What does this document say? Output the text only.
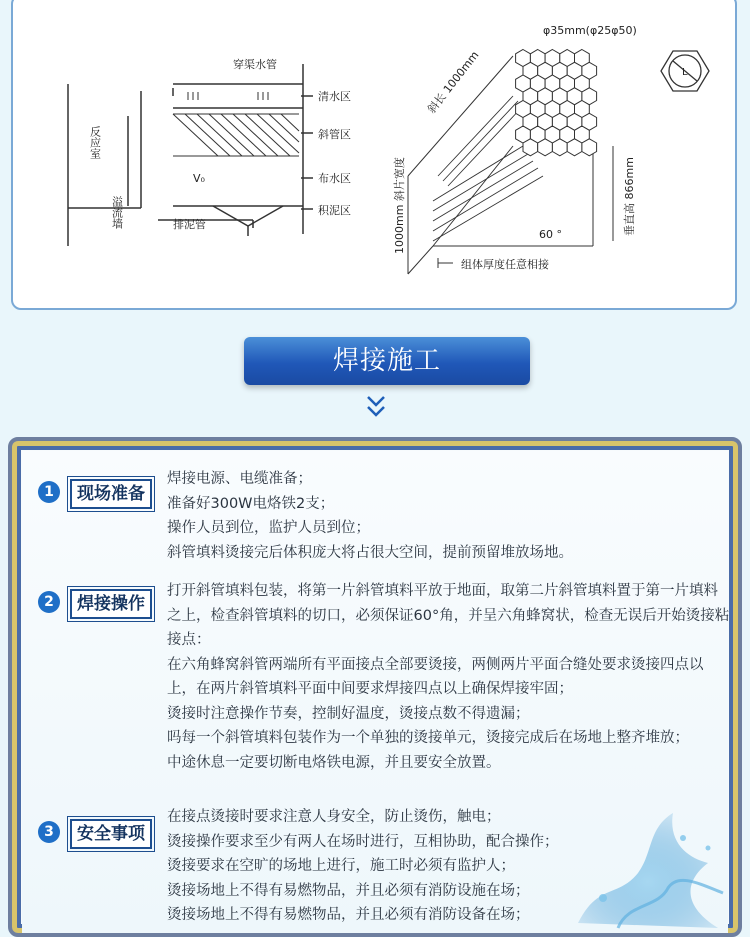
穿渠水管
清水区
斜管区
布水区
积泥区
V₀
排泥管
溢流墙
反应室
φ35mm(φ25φ50)
L
60 °
组体厚度任意相接
斜长 1000mm
1000mm 斜片宽度	垂直高 866mm
焊接施工
1	现场准备
焊接电源、电缆准备；
准备好300W电烙铁2支；
操作人员到位，监护人员到位；
斜管填料烫接完后体积庞大将占很大空间，提前预留堆放场地。
2	焊接操作
打开斜管填料包装，将第一片斜管填料平放于地面，取第二片斜管填料置于第一片填料之上，检查斜管填料的切口，必须保证60°角，并呈六角蜂窝状，检查无误后开始烫接粘接点：
在六角蜂窝斜管两端所有平面接点全部要烫接，两侧两片平面合缝处要求烫接四点以上，在两片斜管填料平面中间要求焊接四点以上确保焊接牢固；
烫接时注意操作节奏，控制好温度，烫接点数不得遗漏；
吗每一个斜管填料包装作为一个单独的烫接单元，烫接完成后在场地上整齐堆放；
中途休息一定要切断电烙铁电源，并且要安全放置。
3	安全事项
在接点烫接时要求注意人身安全，防止烫伤，触电；
烫接操作要求至少有两人在场时进行，互相协助，配合操作；
烫接要求在空旷的场地上进行，施工时必须有监护人；
烫接场地上不得有易燃物品，并且必须有消防设施在场；
烫接场地上不得有易燃物品，并且必须有消防设备在场；
